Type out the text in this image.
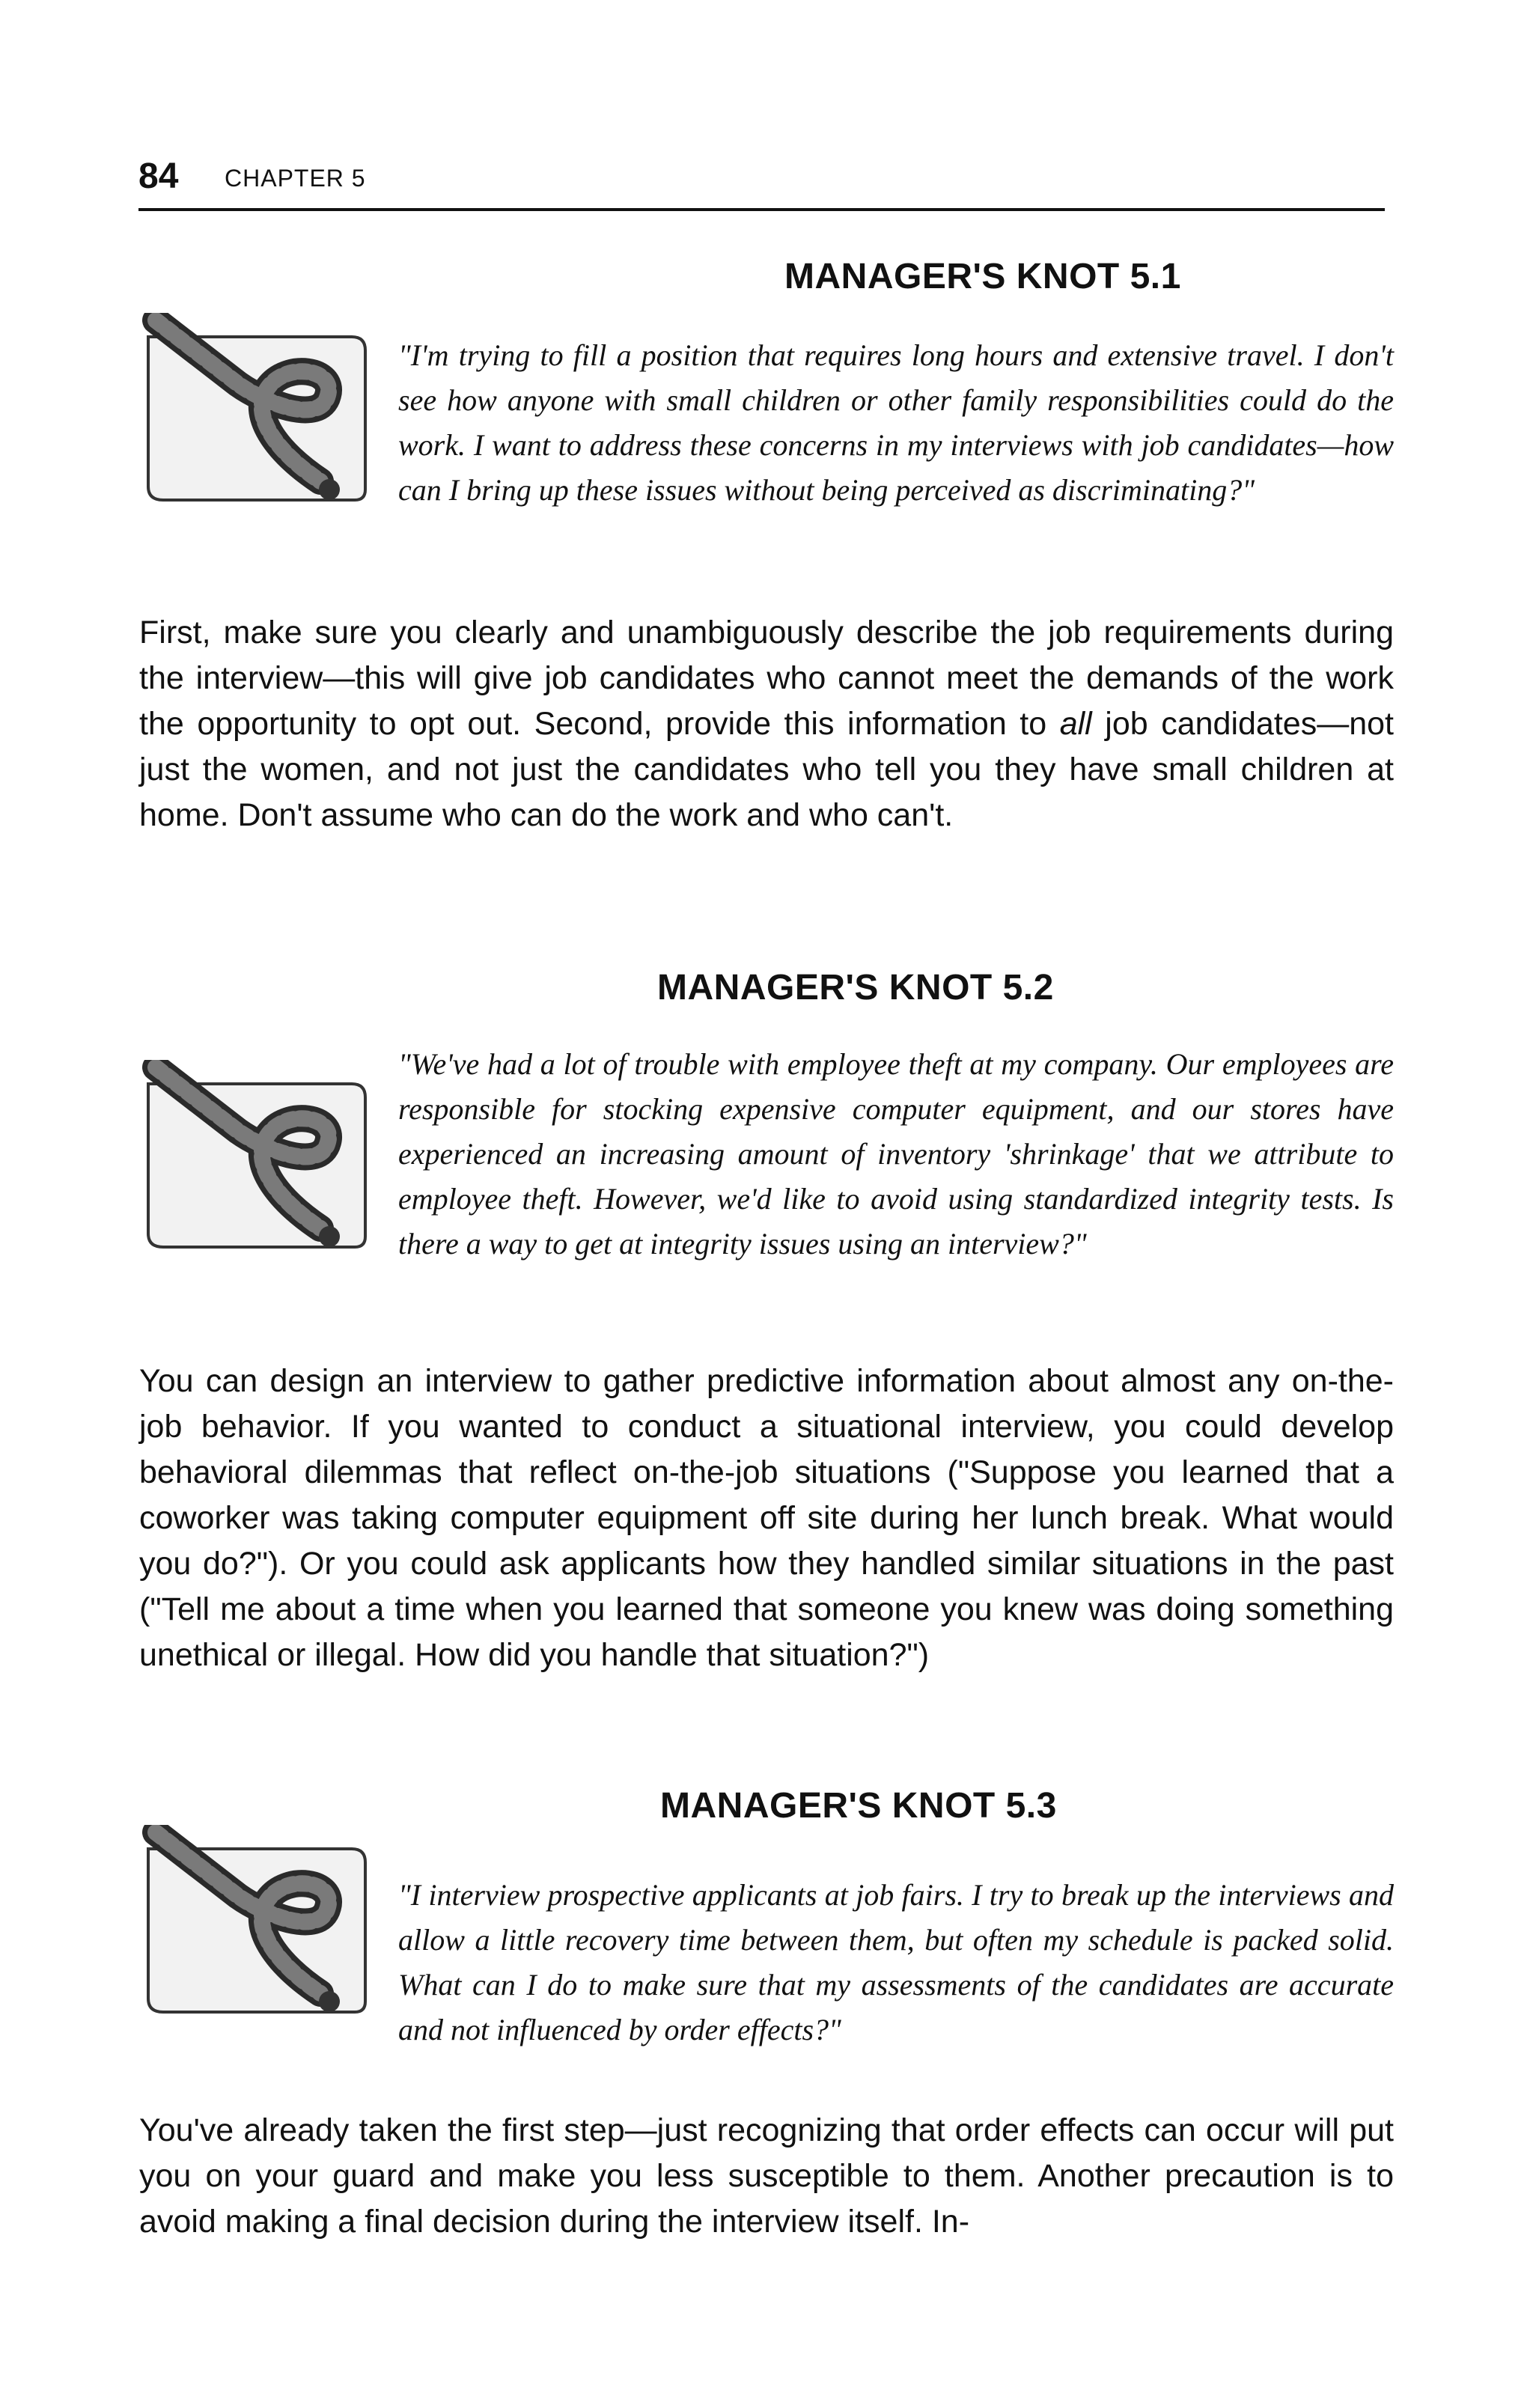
84 CHAPTER 5
MANAGER'S KNOT 5.1

"I'm trying to fill a position that requires long hours and extensive travel. I don't see how anyone with small children or other family responsibilities could do the work. I want to address these concerns in my interviews with job candidates—how can I bring up these issues without being perceived as discriminating?"

First, make sure you clearly and unambiguously describe the job requirements during the interview—this will give job candidates who cannot meet the demands of the work the opportunity to opt out. Second, provide this information to all job candidates—not just the women, and not just the candidates who tell you they have small children at home. Don't assume who can do the work and who can't.

MANAGER'S KNOT 5.2

"We've had a lot of trouble with employee theft at my company. Our employees are responsible for stocking expensive computer equipment, and our stores have experienced an increasing amount of inventory 'shrinkage' that we attribute to employee theft. However, we'd like to avoid using standardized integrity tests. Is there a way to get at integrity issues using an interview?"

You can design an interview to gather predictive information about almost any on-the-job behavior. If you wanted to conduct a situational interview, you could develop behavioral dilemmas that reflect on-the-job situations ("Suppose you learned that a coworker was taking computer equipment off site during her lunch break. What would you do?"). Or you could ask applicants how they handled similar situations in the past ("Tell me about a time when you learned that someone you knew was doing something unethical or illegal. How did you handle that situation?")

MANAGER'S KNOT 5.3

"I interview prospective applicants at job fairs. I try to break up the interviews and allow a little recovery time between them, but often my schedule is packed solid. What can I do to make sure that my assessments of the candidates are accurate and not influenced by order effects?"

You've already taken the first step—just recognizing that order effects can occur will put you on your guard and make you less susceptible to them. Another precaution is to avoid making a final decision during the interview itself. In-
